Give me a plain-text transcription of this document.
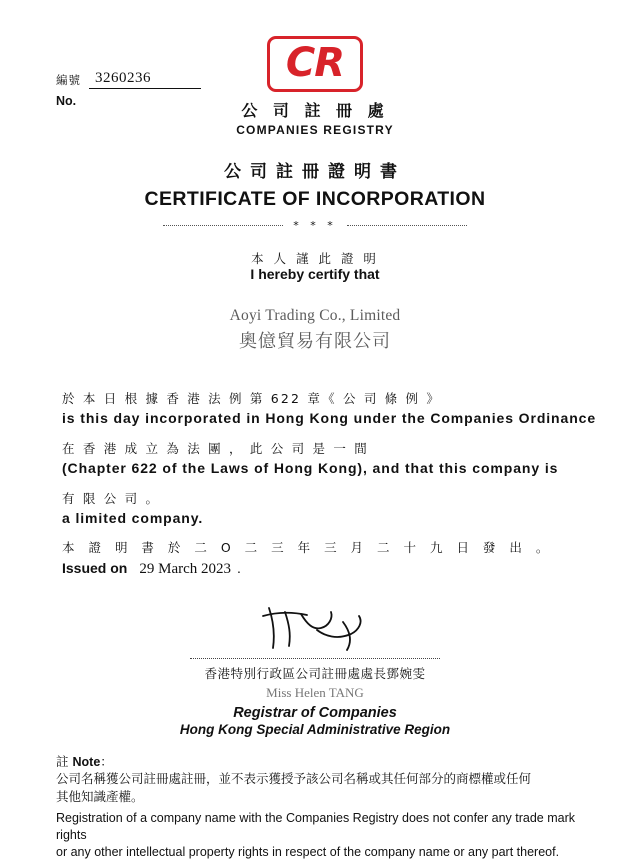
編號 3260236
No.
CR
公 司 註 冊 處
COMPANIES REGISTRY
公司註冊證明書
CERTIFICATE OF INCORPORATION
* * *
本 人 謹 此 證 明
I hereby certify that
Aoyi Trading Co., Limited
奧億貿易有限公司
於 本 日 根 據 香 港 法 例 第 622 章《 公 司 條 例 》
is this day incorporated in Hong Kong under the Companies Ordinance
在 香 港 成 立 為 法 團 ， 此 公 司 是 一 間
(Chapter 622 of the Laws of Hong Kong), and that this company is
有 限 公 司 。
a limited company.
本 證 明 書 於 二 O 二 三 年 三 月 二 十 九 日 發 出 。
Issued on 29 March 2023 .
香港特別行政區公司註冊處處長鄧婉雯
Miss Helen TANG
Registrar of Companies
Hong Kong Special Administrative Region
註 Note：
公司名稱獲公司註冊處註冊，並不表示獲授予該公司名稱或其任何部分的商標權或任何
其他知識產權。
Registration of a company name with the Companies Registry does not confer any trade mark rights
or any other intellectual property rights in respect of the company name or any part thereof.
